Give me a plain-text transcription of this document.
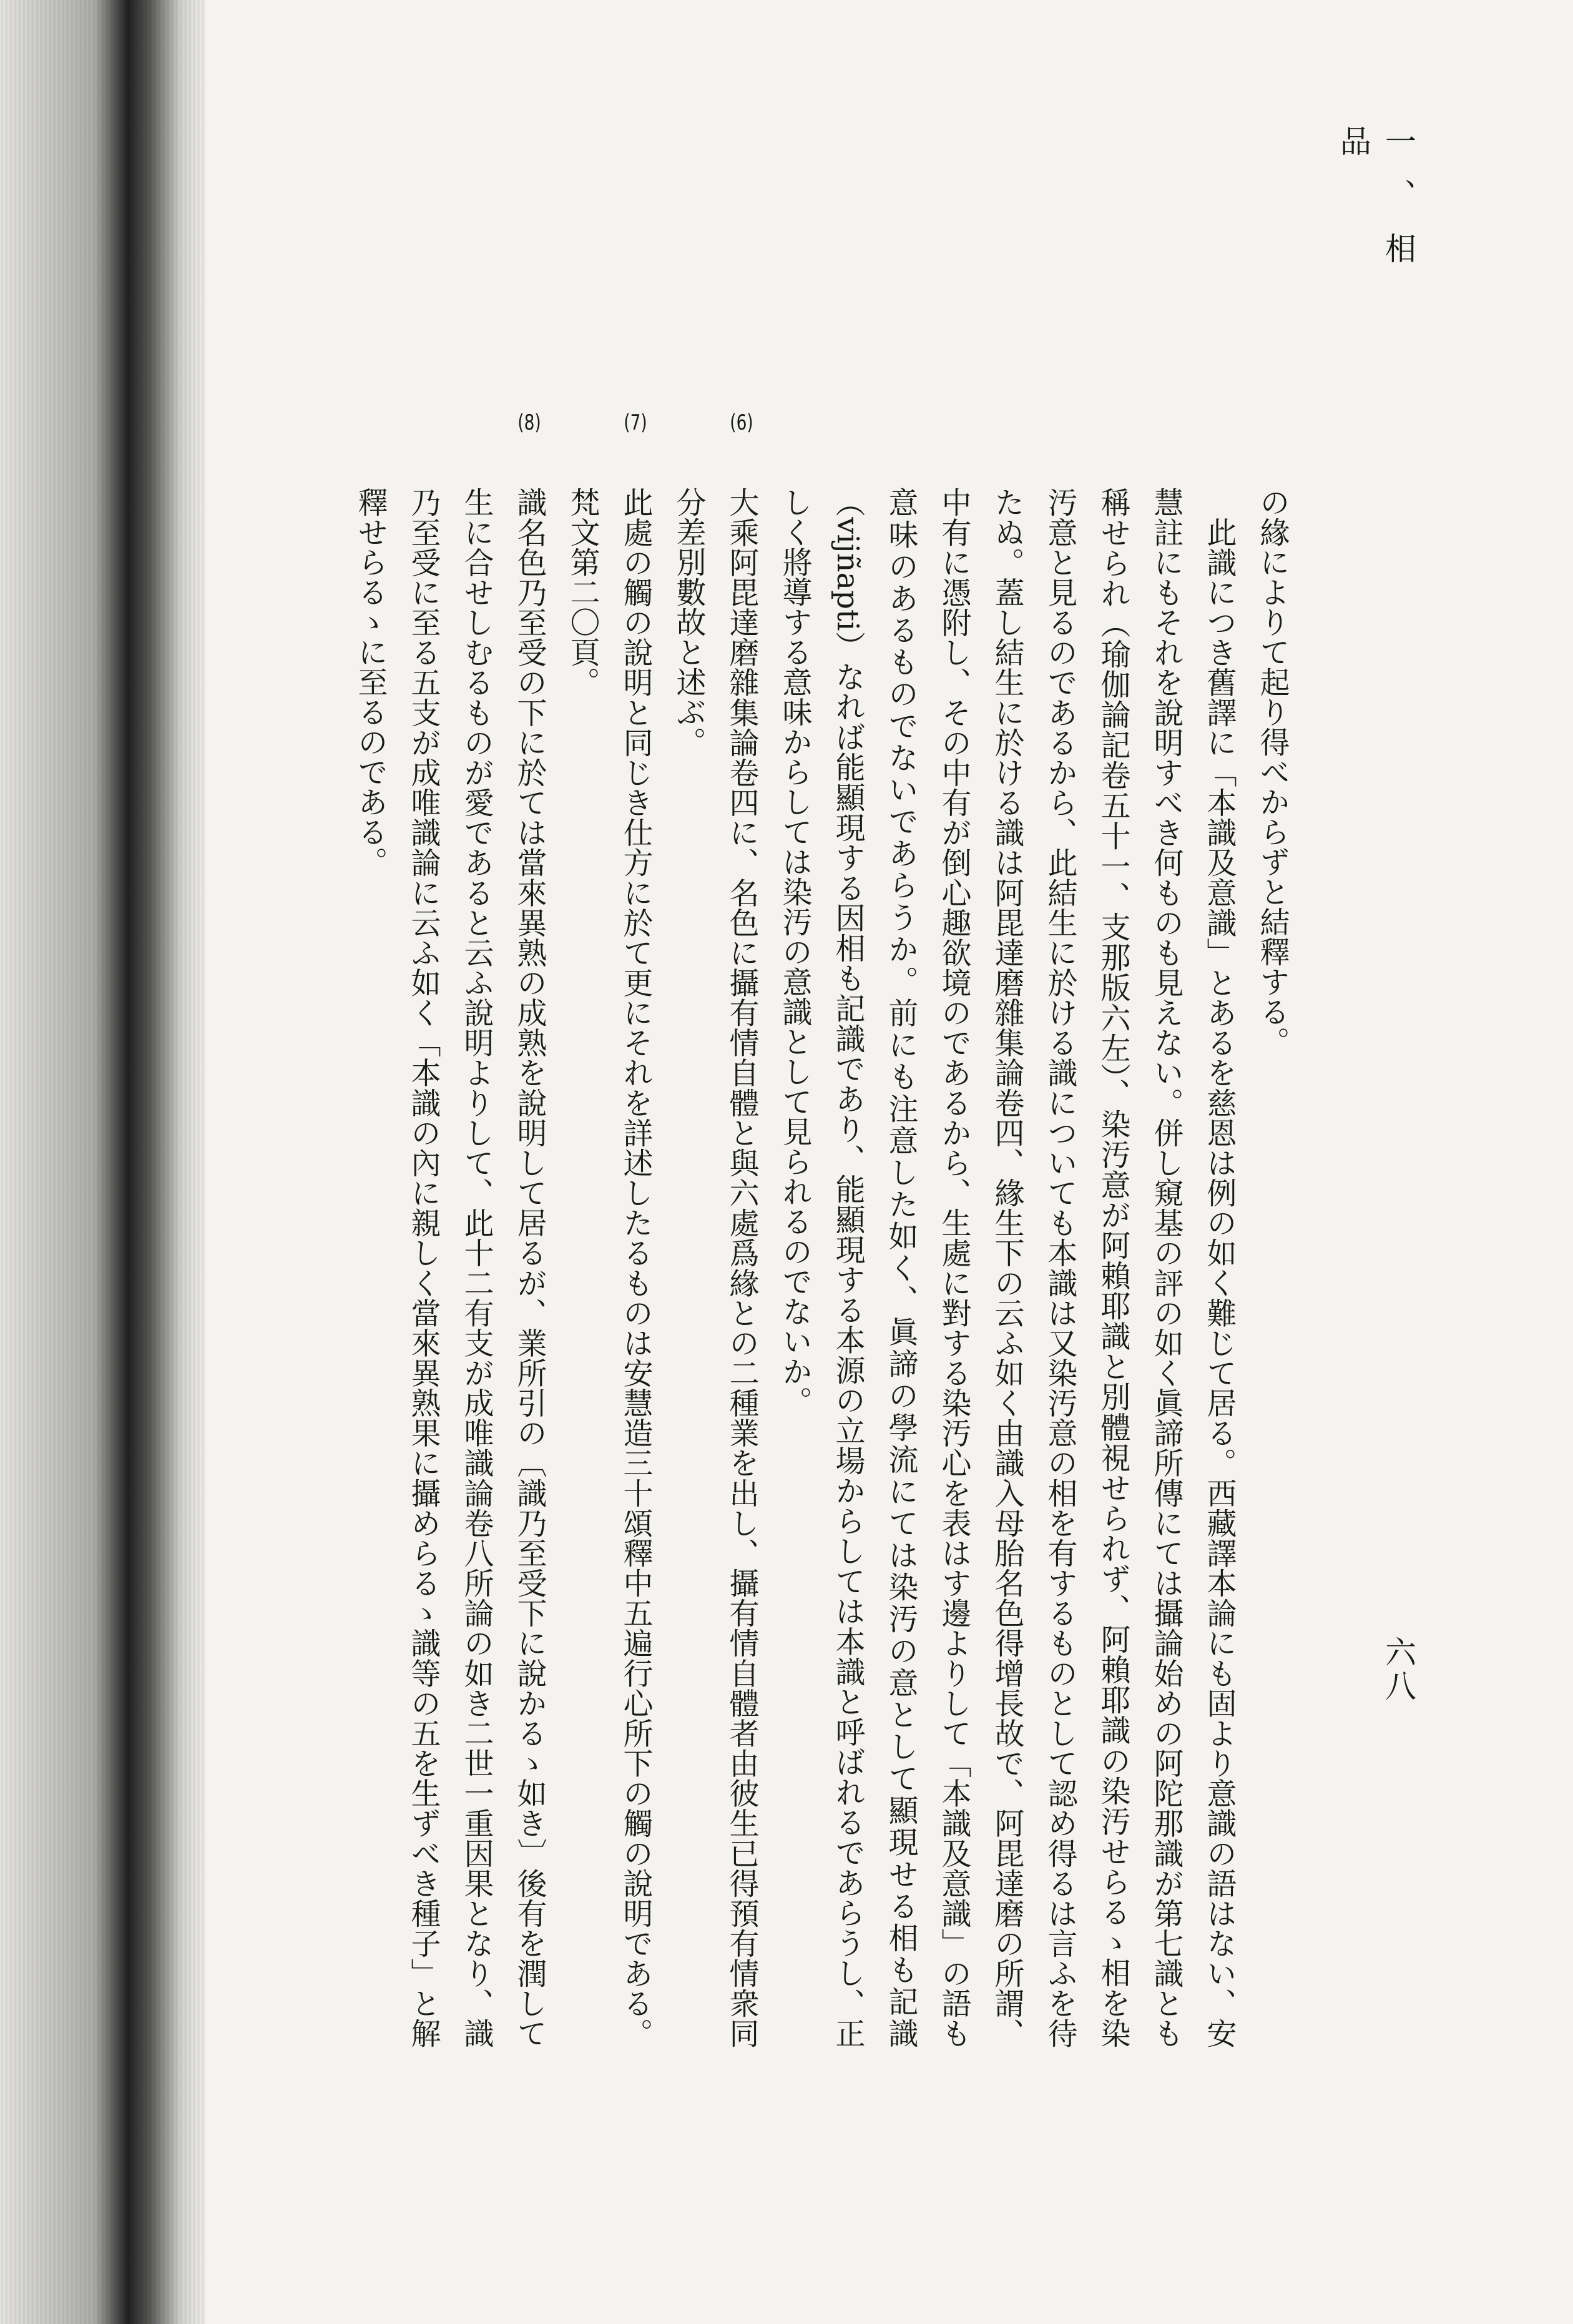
一、相　品
六八

の緣によりて起り得べからずと結釋する。

此識につき舊譯に「本識及意識」とあるを慈恩は例の如く難じて居る。西藏譯本論にも固より意識の語はない、安慧註にもそれを說明すべき何ものも見えない。併し窺基の評の如く眞諦所傳にては攝論始めの阿陀那識が第七識とも稱せられ（瑜伽論記卷五十一、支那版六左）、染汚意が阿賴耶識と別體視せられず、阿賴耶識の染汚せらるゝ相を染汚意と見るのであるから、此結生に於ける識についても本識は又染汚意の相を有するものとして認め得るは言ふを待たぬ。蓋し結生に於ける識は阿毘達磨雜集論卷四、緣生下の云ふ如く由識入母胎名色得增長故で、阿毘達磨の所謂、中有に憑附し、その中有が倒心趣欲境のであるから、生處に對する染汚心を表はす邊よりして「本識及意識」の語も意味のあるものでないであらうか。前にも注意した如く、眞諦の學流にては染汚の意として顯現せる相も記識（vijñapti）なれば能顯現する因相も記識であり、能顯現する本源の立場からしては本識と呼ばれるであらうし、正しく將導する意味からしては染汚の意識として見られるのでないか。

(6)
大乘阿毘達磨雜集論卷四に、名色に攝有情自體と與六處爲緣との二種業を出し、攝有情自體者由彼生已得預有情衆同分差別數故と述ぶ。

(7)
此處の觸の說明と同じき仕方に於て更にそれを詳述したるものは安慧造三十頌釋中五遍行心所下の觸の說明である。梵文第二〇頁。

(8)
識名色乃至受の下に於ては當來異熟の成熟を說明して居るが、業所引の〔識乃至受下に說かるゝ如き〕後有を潤して生に合せしむるものが愛であると云ふ說明よりして、此十二有支が成唯識論卷八所論の如き二世一重因果となり、識乃至受に至る五支が成唯識論に云ふ如く「本識の內に親しく當來異熟果に攝めらるゝ識等の五を生ずべき種子」と解釋せらるゝに至るのである。
